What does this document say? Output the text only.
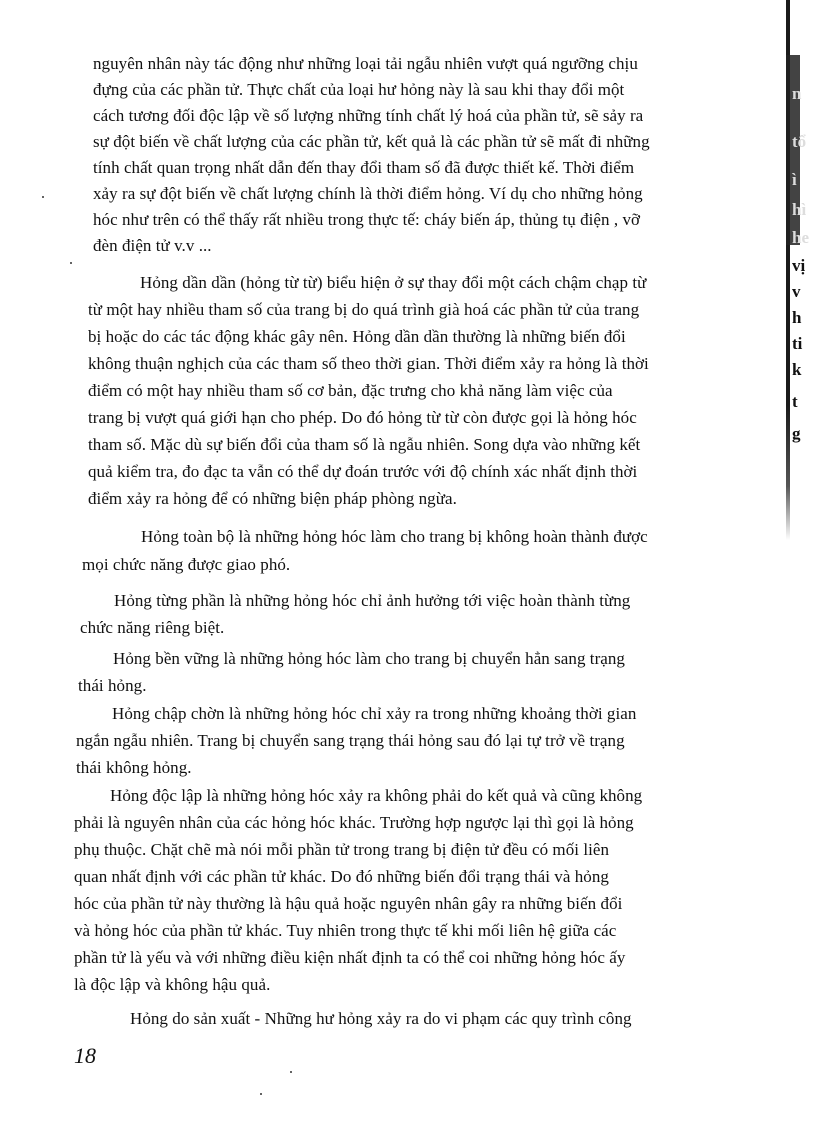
n
tổ
ì
hì
he
vị
v
h
ti
k
t
g

nguyên nhân này tác động như những loại tải ngẫu nhiên vượt quá ngưỡng chịu

đựng của các phần tử. Thực chất của loại hư hỏng này là sau khi thay đổi một

cách tương đối độc lập về số lượng những tính chất lý hoá của phần tử, sẽ sảy ra

sự đột biến về chất lượng của các phần tử, kết quả là các phần tử sẽ mất đi những

tính chất quan trọng nhất dẫn đến thay đổi tham số đã được thiết kế. Thời điểm

xảy ra sự đột biến về chất lượng chính là thời điểm hỏng. Ví dụ cho những hỏng

hóc như trên có thể thấy rất nhiều trong thực tế: cháy biến áp, thủng tụ điện , vỡ

đèn điện tử v.v ...

Hỏng dần dần (hỏng từ từ) biểu hiện ở sự thay đổi một cách chậm chạp từ

từ một hay nhiều tham số của trang bị do quá trình già hoá các phần tử của trang

bị hoặc do các tác động khác gây nên. Hỏng dần dần thường là những biến đổi

không thuận nghịch của các tham số theo thời gian. Thời điểm xảy ra hỏng là thời

điểm có một hay nhiều tham số cơ bản, đặc trưng cho khả năng làm việc của

trang bị vượt quá giới hạn cho phép. Do đó hỏng từ từ còn được gọi là hỏng hóc

tham số. Mặc dù sự biến đổi của tham số là ngẫu nhiên. Song dựa vào những kết

quả kiểm tra, đo đạc ta vẫn có thể dự đoán trước với độ chính xác nhất định thời

điểm xảy ra hỏng để có những biện pháp phòng ngừa.

Hỏng toàn bộ là những hỏng hóc làm cho trang bị không hoàn thành được

mọi chức năng được giao phó.

Hỏng từng phần là những hỏng hóc chỉ ảnh hưởng tới việc hoàn thành từng

chức năng riêng biệt.

Hỏng bền vững là những hỏng hóc làm cho trang bị chuyển hẳn sang trạng

thái hỏng.

Hỏng chập chờn là những hỏng hóc chỉ xảy ra trong những khoảng thời gian

ngắn ngẫu nhiên. Trang bị chuyển sang trạng thái hỏng sau đó lại tự trở về trạng

thái không hỏng.

Hỏng độc lập là những hỏng hóc xảy ra không phải do kết quả và cũng không

phải là nguyên nhân của các hỏng hóc khác. Trường hợp ngược lại thì gọi là hỏng

phụ thuộc. Chặt chẽ mà nói mỗi phần tử trong trang bị điện tử đều có mối liên

quan nhất định với các phần tử khác. Do đó những biến đổi trạng thái và hỏng

hóc của phần tử này thường là hậu quả hoặc nguyên nhân gây ra những biến đổi

và hỏng hóc của phần tử khác. Tuy nhiên trong thực tế khi mối liên hệ giữa các

phần tử là yếu và với những điều kiện nhất định ta có thể coi những hỏng hóc ấy

là độc lập và không hậu quả.

Hỏng do sản xuất - Những hư hỏng xảy ra do vi phạm các quy trình công

18
